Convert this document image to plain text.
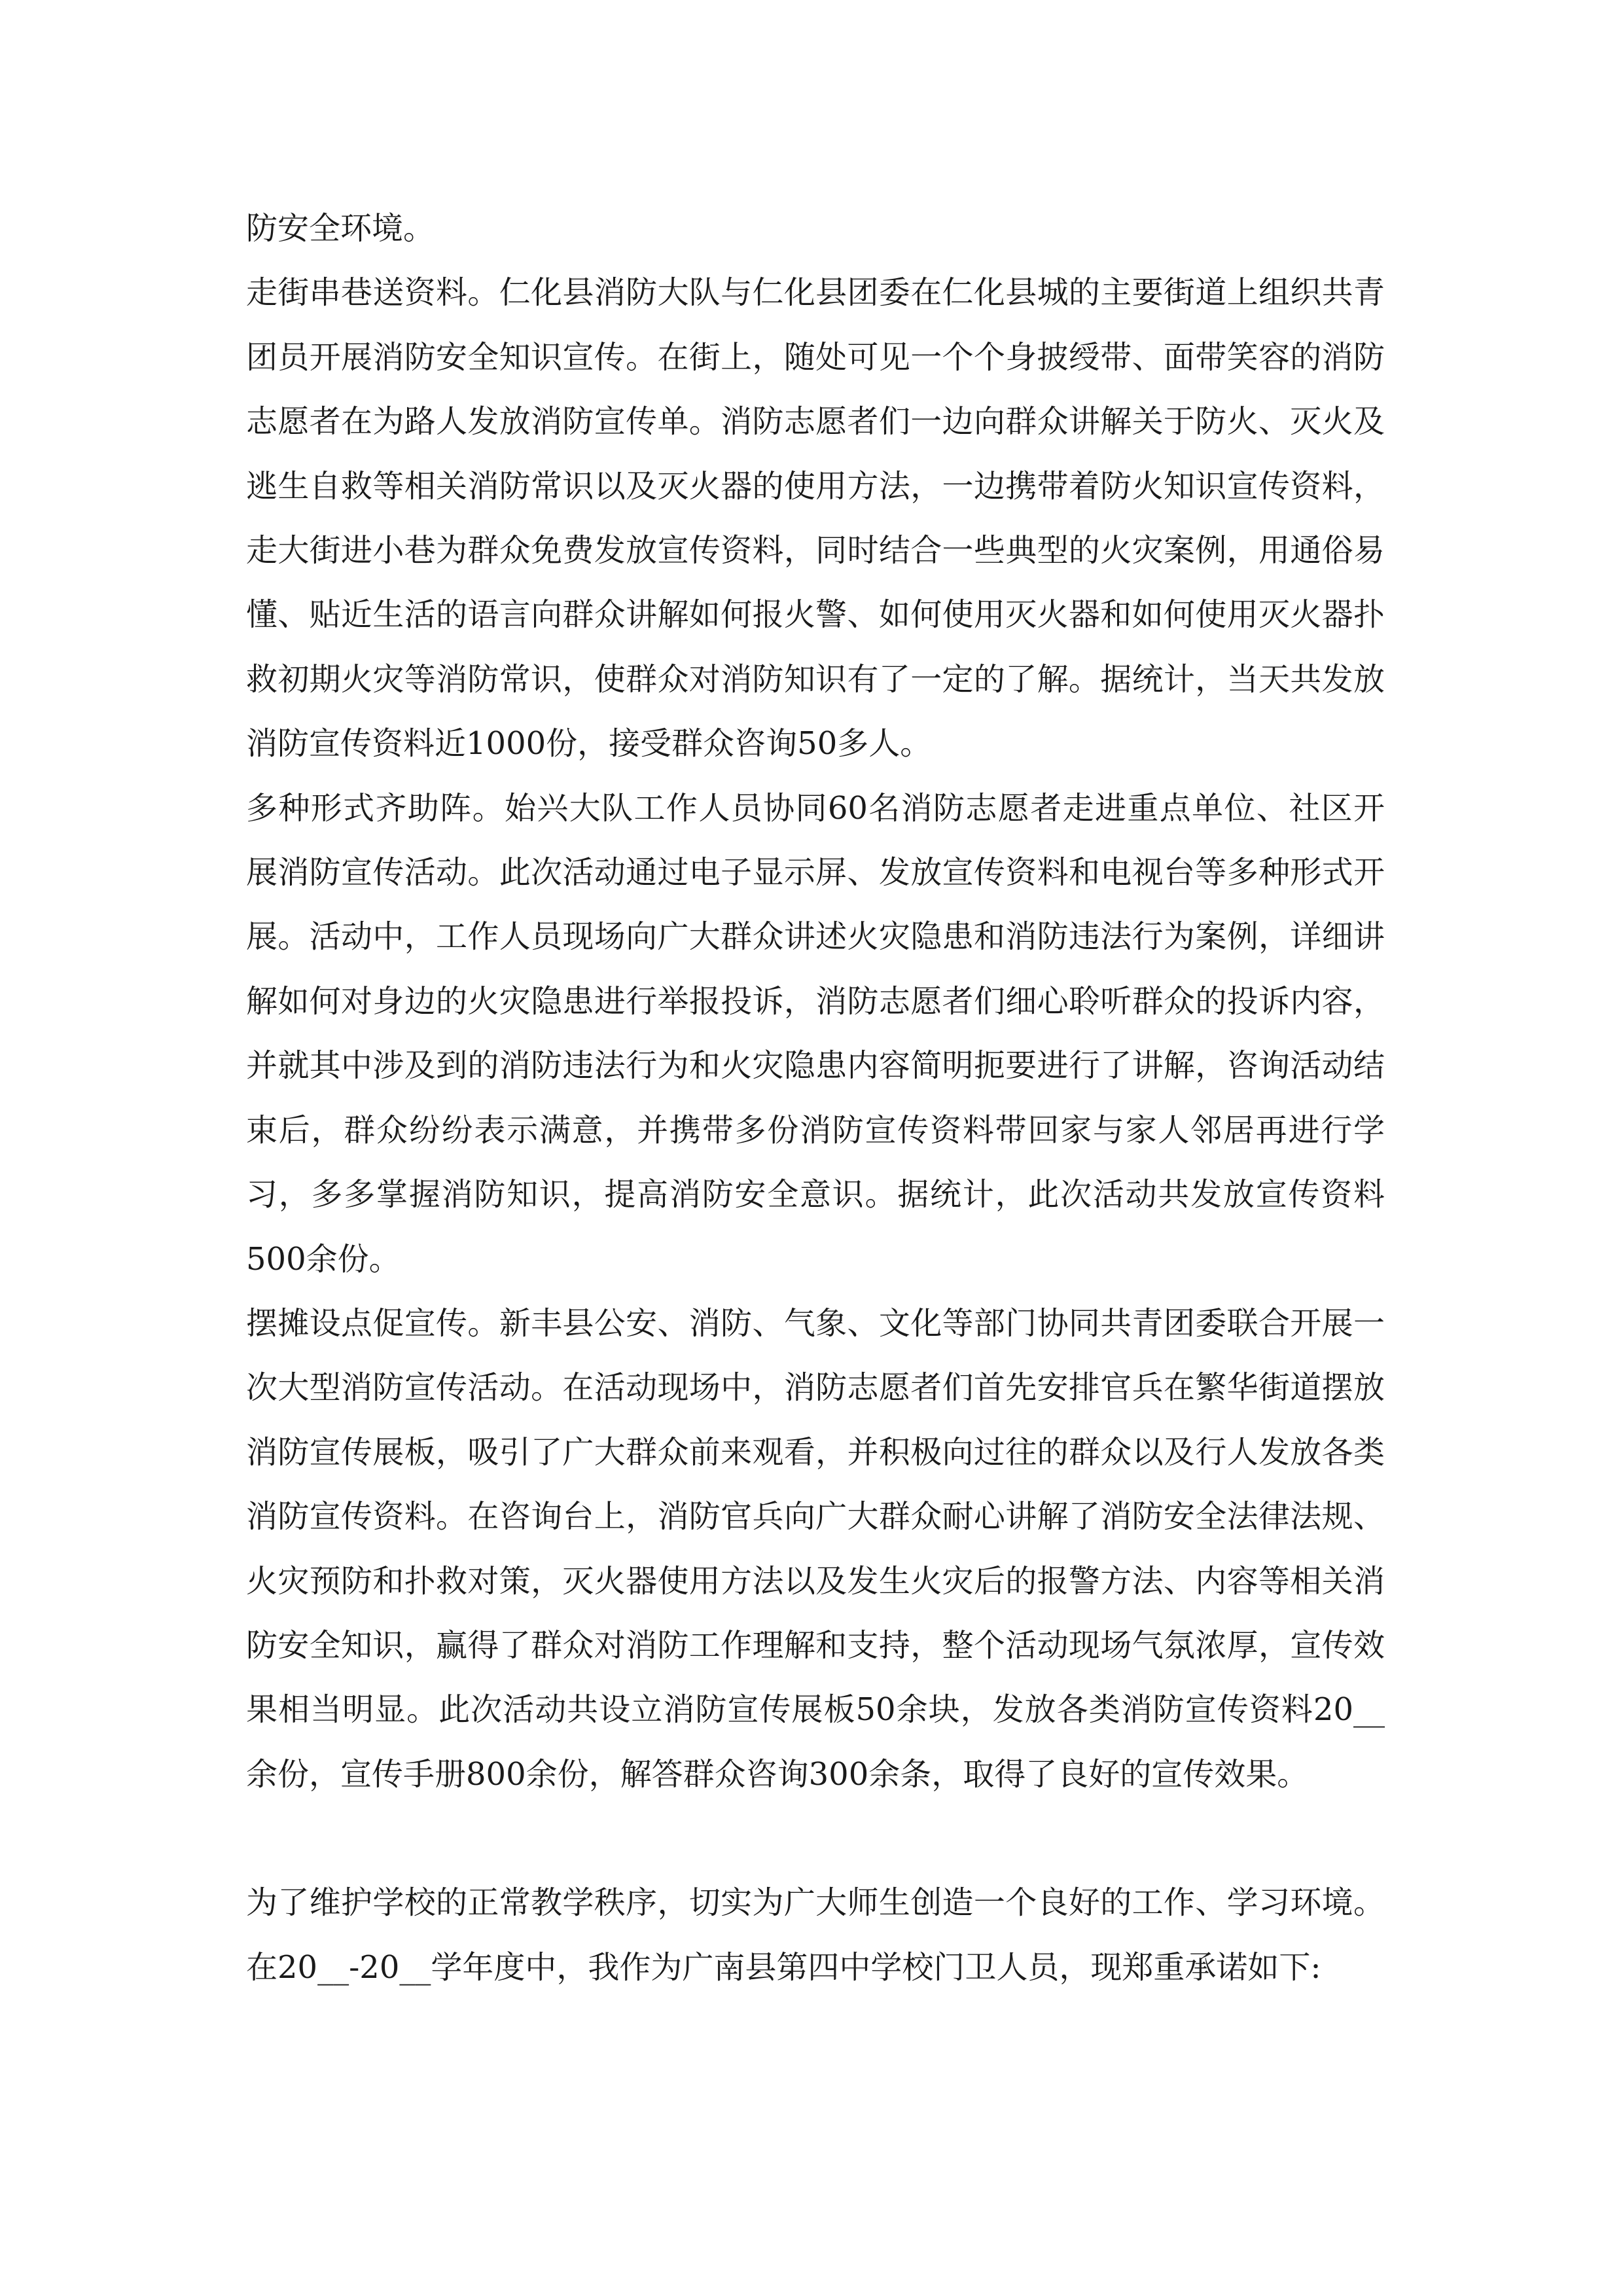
防安全环境。

走街串巷送资料。仁化县消防大队与仁化县团委在仁化县城的主要街道上组织共青团员开展消防安全知识宣传。在街上，随处可见一个个身披绶带、面带笑容的消防志愿者在为路人发放消防宣传单。消防志愿者们一边向群众讲解关于防火、灭火及逃生自救等相关消防常识以及灭火器的使用方法，一边携带着防火知识宣传资料，走大街进小巷为群众免费发放宣传资料，同时结合一些典型的火灾案例，用通俗易懂、贴近生活的语言向群众讲解如何报火警、如何使用灭火器和如何使用灭火器扑救初期火灾等消防常识，使群众对消防知识有了一定的了解。据统计，当天共发放消防宣传资料近1000份，接受群众咨询50多人。

多种形式齐助阵。始兴大队工作人员协同60名消防志愿者走进重点单位、社区开展消防宣传活动。此次活动通过电子显示屏、发放宣传资料和电视台等多种形式开展。活动中，工作人员现场向广大群众讲述火灾隐患和消防违法行为案例，详细讲解如何对身边的火灾隐患进行举报投诉，消防志愿者们细心聆听群众的投诉内容，并就其中涉及到的消防违法行为和火灾隐患内容简明扼要进行了讲解，咨询活动结束后，群众纷纷表示满意，并携带多份消防宣传资料带回家与家人邻居再进行学习，多多掌握消防知识，提高消防安全意识。据统计，此次活动共发放宣传资料500余份。

摆摊设点促宣传。新丰县公安、消防、气象、文化等部门协同共青团委联合开展一次大型消防宣传活动。在活动现场中，消防志愿者们首先安排官兵在繁华街道摆放消防宣传展板，吸引了广大群众前来观看，并积极向过往的群众以及行人发放各类消防宣传资料。在咨询台上，消防官兵向广大群众耐心讲解了消防安全法律法规、火灾预防和扑救对策，灭火器使用方法以及发生火灾后的报警方法、内容等相关消防安全知识，赢得了群众对消防工作理解和支持，整个活动现场气氛浓厚，宣传效果相当明显。此次活动共设立消防宣传展板50余块，发放各类消防宣传资料20__余份，宣传手册800余份，解答群众咨询300余条，取得了良好的宣传效果。

为了维护学校的正常教学秩序，切实为广大师生创造一个良好的工作、学习环境。在20__-20__学年度中，我作为广南县第四中学校门卫人员，现郑重承诺如下:
